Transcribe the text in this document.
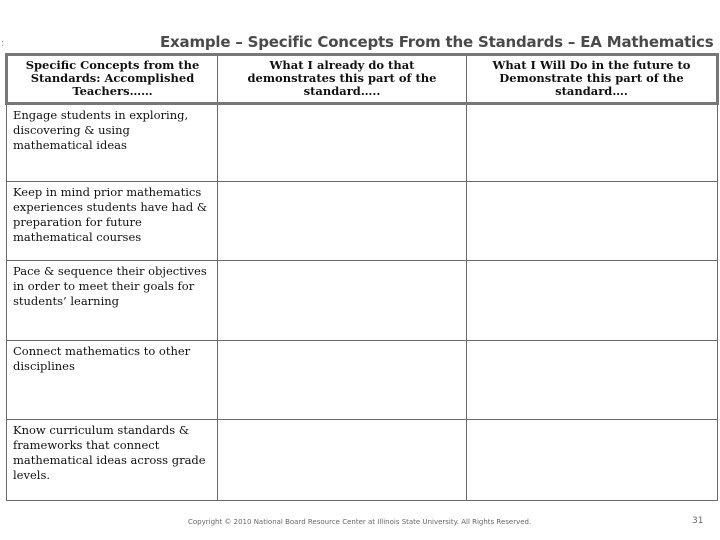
:	Example – Specific Concepts From the Standards – EA Mathematics
Specific Concepts from the Standards: Accomplished Teachers……	What I already do that demonstrates this part of the standard…..	What I Will Do in the future to Demonstrate this part of the standard….
Engage students in exploring, discovering & using mathematical ideas		
Keep in mind prior mathematics experiences students have had & preparation for future mathematical courses		
Pace & sequence their objectives in order to meet their goals for students’ learning		
Connect mathematics to other disciplines		
Know curriculum standards & frameworks that connect mathematical ideas across grade levels.		
Copyright © 2010 National Board Resource Center at Illinois State University. All Rights Reserved.	31
